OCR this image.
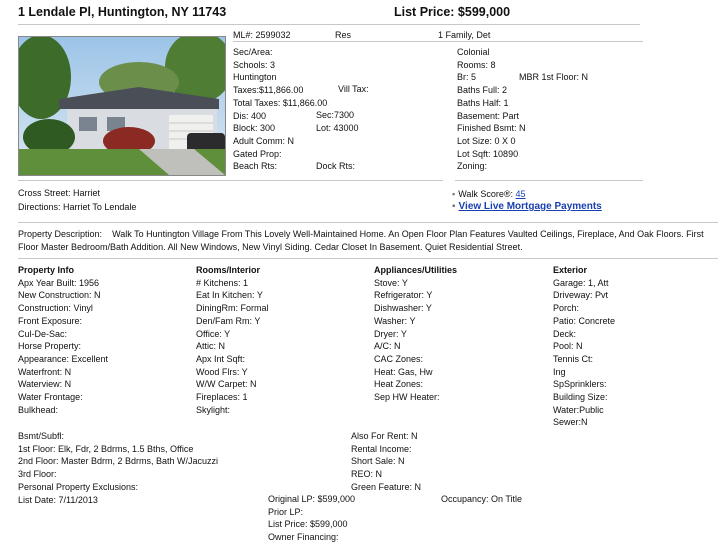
1 Lendale Pl, Huntington, NY 11743	List Price: $599,000
ML#: 2599032	Res	1 Family, Det
Sec/Area:
Schools: 3
Huntington
Taxes:$11,866.00
Total Taxes: $11,866.00
Dis: 400
Block: 300
Adult Comm: N
Gated Prop:
Beach Rts:
Vill Tax:
Sec:7300
Lot: 43000
Dock Rts:
Colonial
Rooms: 8
Br: 5
Baths Full: 2
Baths Half: 1
Basement: Part
Finished Bsmt: N
Lot Size: 0 X 0
Lot Sqft: 10890
Zoning:
MBR 1st Floor: N
Cross Street: Harriet
Directions: Harriet To Lendale
▪ Walk Score®: 45
▪ View Live Mortgage Payments
Property Description: Walk To Huntington Village From This Lovely Well-Maintained Home. An Open Floor Plan Features Vaulted Ceilings, Fireplace, And Oak Floors. First Floor Master Bedroom/Bath Addition. All New Windows, New Vinyl Siding. Cedar Closet In Basement. Quiet Residential Street.
Property Info
Apx Year Built: 1956
New Construction: N
Construction: Vinyl
Front Exposure:
Cul-De-Sac:
Horse Property:
Appearance: Excellent
Waterfront: N
Waterview: N
Water Frontage:
Bulkhead:
Rooms/Interior
# Kitchens: 1
Eat In Kitchen: Y
DiningRm: Formal
Den/Fam Rm: Y
Office: Y
Attic: N
Apx Int Sqft:
Wood Flrs: Y
W/W Carpet: N
Fireplaces: 1
Skylight:
Appliances/Utilities
Stove: Y
Refrigerator: Y
Dishwasher: Y
Washer: Y
Dryer: Y
A/C: N
CAC Zones:
Heat: Gas, Hw
Heat Zones:
Sep HW Heater:
Exterior
Garage: 1, Att
Driveway: Pvt
Porch:
Patio: Concrete
Deck:
Pool: N
Tennis Ct:
Ing
SpSprinklers:
Building Size:
Water:Public
Sewer:N
Bsmt/Subfl:
1st Floor: Elk, Fdr, 2 Bdrms, 1.5 Bths, Office
2nd Floor: Master Bdrm, 2 Bdrms, Bath W/Jacuzzi
3rd Floor:
Personal Property Exclusions:
List Date: 7/11/2013
Also For Rent: N
Rental Income:
Short Sale: N
REO: N
Green Feature: N
Original LP: $599,000
Prior LP:
List Price: $599,000
Owner Financing:
Occupancy: On Title
